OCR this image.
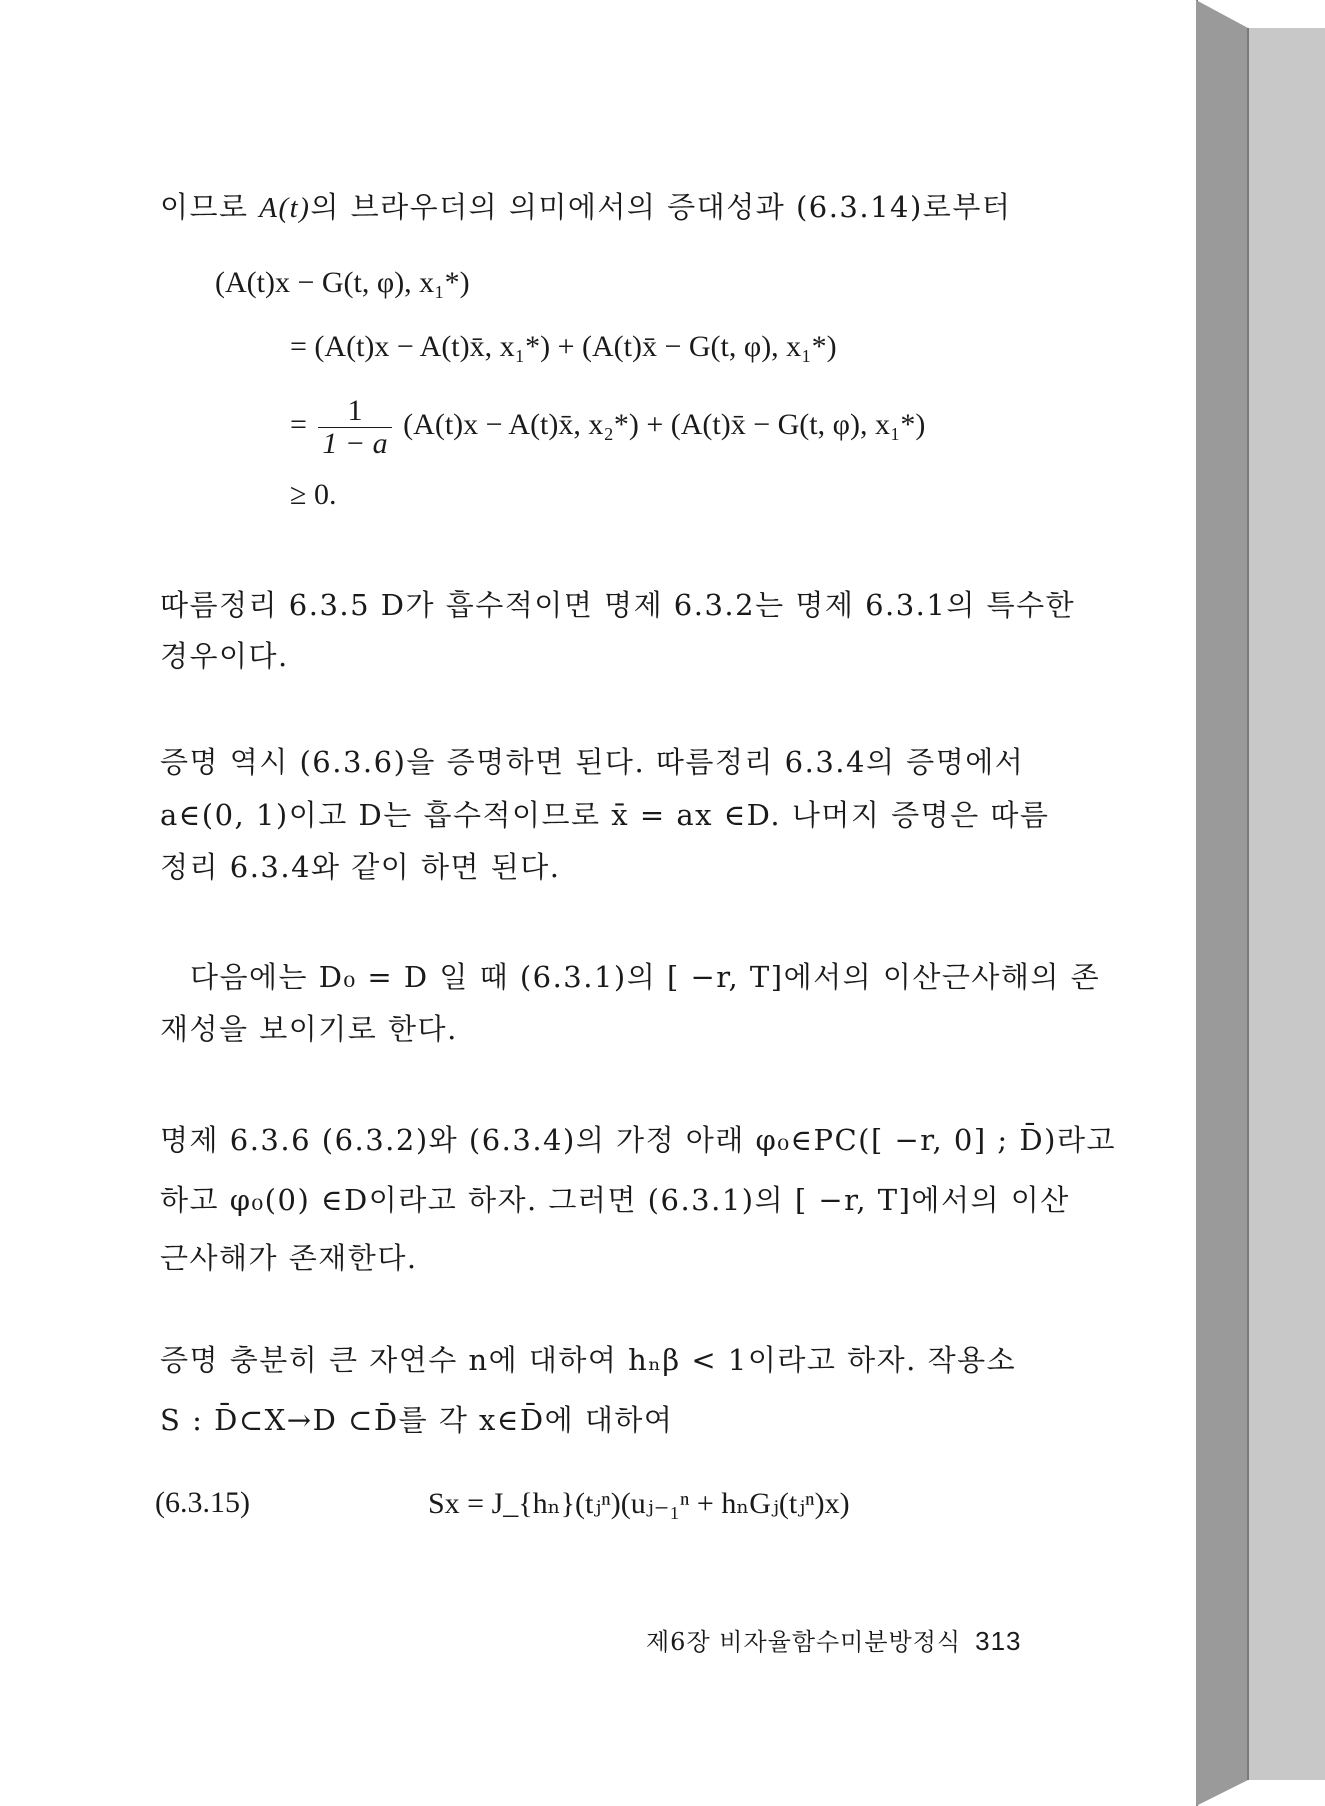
이므로 A(t)의 브라우더의 의미에서의 증대성과 (6.3.14)로부터
(A(t)x − G(t, φ), x₁*)
= (A(t)x − A(t)x̄, x₁*) + (A(t)x̄ − G(t, φ), x₁*)
= $\frac{1}{1 - a} (A(t)x$ − A(t)x̄, x₂*) + (A(t)x̄ − G(t, φ), x₁*)
≥ 0.
따름정리 6.3.5 D가 흡수적이면 명제 6.3.2는 명제 6.3.1의 특수한
경우이다.
증명 역시 (6.3.6)을 증명하면 된다. 따름정리 6.3.4의 증명에서
a∈(0, 1)이고 D는 흡수적이므로 x̄ = ax ∈D. 나머지 증명은 따름
정리 6.3.4와 같이 하면 된다.
다음에는 D₀ = D 일 때 (6.3.1)의 [ −r, T]에서의 이산근사해의 존
재성을 보이기로 한다.
명제 6.3.6 (6.3.2)와 (6.3.4)의 가정 아래 φ₀∈PC([ −r, 0] ; D̄)라고
하고 φ₀(0) ∈D이라고 하자. 그러면 (6.3.1)의 [ −r, T]에서의 이산
근사해가 존재한다.
증명 충분히 큰 자연수 n에 대하여 hₙβ < 1이라고 하자. 작용소
S : D̄⊂X→D ⊂D̄를 각 x∈D̄에 대하여
(6.3.15)	Sx = J_{hₙ}(tⱼⁿ)(uⱼ₋₁ⁿ + hₙGⱼ(tⱼⁿ)x)
제6장 비자율함수미분방정식 313
